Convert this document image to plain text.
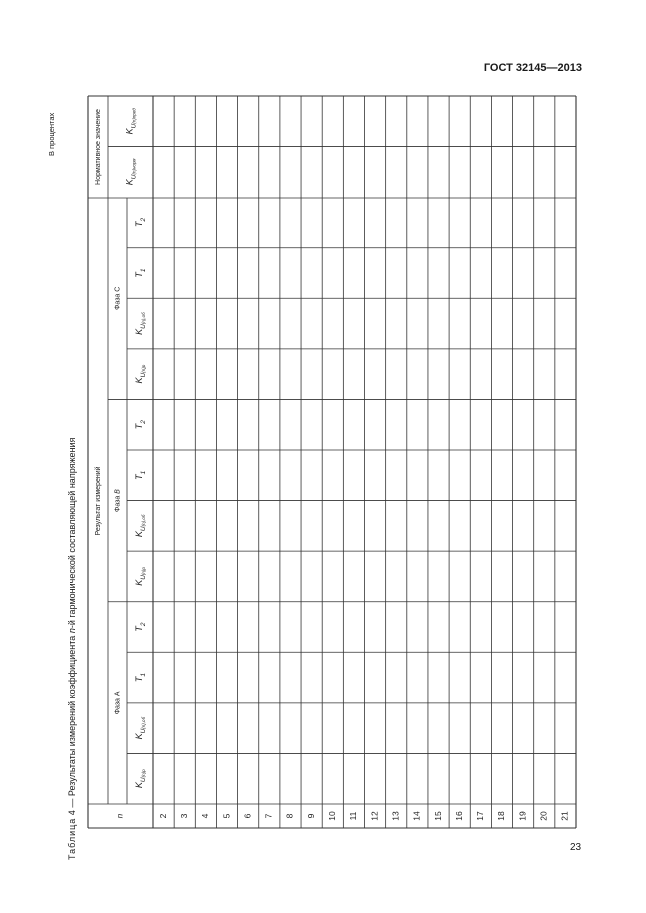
ГОСТ 32145—2013
В процентах
Таблица 4 — Результаты измерений коэффициента n-й гармонической составляющей напряжения
Нормативное значение
Результат измерений
Фаза A
Фаза B
Фаза C
$K_U(n)р$
$K_U(n),об$
$T_1$
$T_2$
$K_U(n)р$
$K_U(n),об$
$T_1$
$T_2$
$K_U(n)р$
$K_U(n),об$
$T_1$
$T_2$
$K_U(n)норм$
$K_U(n)пред$
n	2 3 4 5 6 7 8 9 10 11 12 13 14 15 16 17 18 19 20 21
23
